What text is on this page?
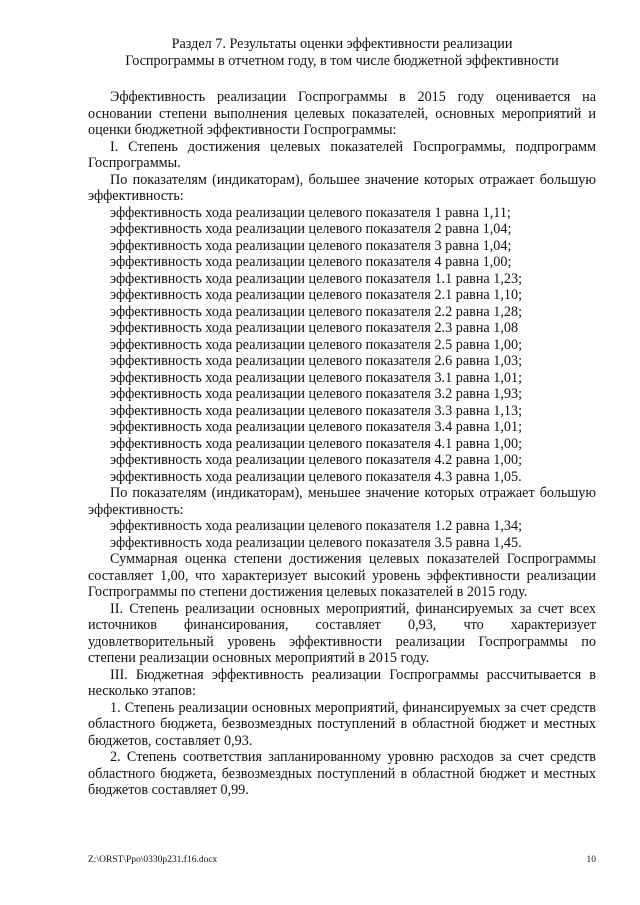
Раздел 7. Результаты оценки эффективности реализации
Госпрограммы в отчетном году, в том числе бюджетной эффективности

Эффективность реализации Госпрограммы в 2015 году оценивается на основании степени выполнения целевых показателей, основных мероприятий и оценки бюджетной эффективности Госпрограммы:

I. Степень достижения целевых показателей Госпрограммы, подпрограмм Госпрограммы.

По показателям (индикаторам), большее значение которых отражает большую эффективность:

эффективность хода реализации целевого показателя 1 равна 1,11;
эффективность хода реализации целевого показателя 2 равна 1,04;
эффективность хода реализации целевого показателя 3 равна 1,04;
эффективность хода реализации целевого показателя 4 равна 1,00;
эффективность хода реализации целевого показателя 1.1 равна 1,23;
эффективность хода реализации целевого показателя 2.1 равна 1,10;
эффективность хода реализации целевого показателя 2.2 равна 1,28;
эффективность хода реализации целевого показателя 2.3 равна 1,08
эффективность хода реализации целевого показателя 2.5 равна 1,00;
эффективность хода реализации целевого показателя 2.6 равна 1,03;
эффективность хода реализации целевого показателя 3.1 равна 1,01;
эффективность хода реализации целевого показателя 3.2 равна 1,93;
эффективность хода реализации целевого показателя 3.3 равна 1,13;
эффективность хода реализации целевого показателя 3.4 равна 1,01;
эффективность хода реализации целевого показателя 4.1 равна 1,00;
эффективность хода реализации целевого показателя 4.2 равна 1,00;
эффективность хода реализации целевого показателя 4.3 равна 1,05.

По показателям (индикаторам), меньшее значение которых отражает большую эффективность:

эффективность хода реализации целевого показателя 1.2 равна 1,34;
эффективность хода реализации целевого показателя 3.5 равна 1,45.

Суммарная оценка степени достижения целевых показателей Госпрограммы составляет 1,00, что характеризует высокий уровень эффективности реализации Госпрограммы по степени достижения целевых показателей в 2015 году.

II. Степень реализации основных мероприятий, финансируемых за счет всех источников финансирования, составляет 0,93, что характеризует удовлетворительный уровень эффективности реализации Госпрограммы по степени реализации основных мероприятий в 2015 году.

III. Бюджетная эффективность реализации Госпрограммы рассчитывается в несколько этапов:

1. Степень реализации основных мероприятий, финансируемых за счет средств областного бюджета, безвозмездных поступлений в областной бюджет и местных бюджетов, составляет 0,93.

2. Степень соответствия запланированному уровню расходов за счет средств областного бюджета, безвозмездных поступлений в областной бюджет и местных бюджетов составляет 0,99.

Z:\ORST\Ppo\0330p231.f16.docx	10
